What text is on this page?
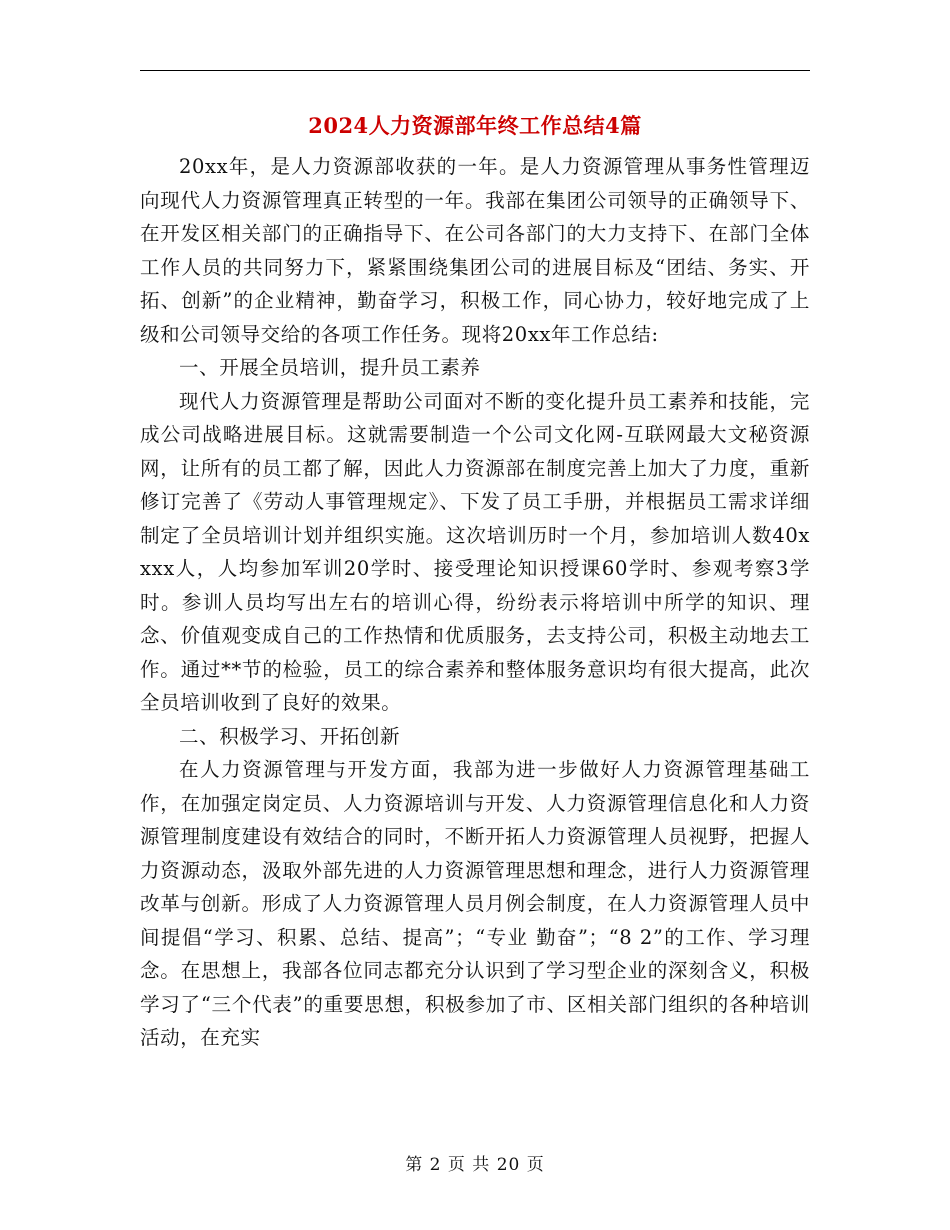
2024人力资源部年终工作总结4篇

20xx年，是人力资源部收获的一年。是人力资源管理从事务性管理迈向现代人力资源管理真正转型的一年。我部在集团公司领导的正确领导下、在开发区相关部门的正确指导下、在公司各部门的大力支持下、在部门全体工作人员的共同努力下，紧紧围绕集团公司的进展目标及“团结、务实、开拓、创新”的企业精神，勤奋学习，积极工作，同心协力，较好地完成了上级和公司领导交给的各项工作任务。现将20xx年工作总结:

一、开展全员培训，提升员工素养

现代人力资源管理是帮助公司面对不断的变化提升员工素养和技能，完成公司战略进展目标。这就需要制造一个公司文化网-互联网最大文秘资源网，让所有的员工都了解，因此人力资源部在制度完善上加大了力度，重新修订完善了《劳动人事管理规定》、下发了员工手册，并根据员工需求详细制定了全员培训计划并组织实施。这次培训历时一个月，参加培训人数40xxxx人，人均参加军训20学时、接受理论知识授课60学时、参观考察3学时。参训人员均写出左右的培训心得，纷纷表示将培训中所学的知识、理念、价值观变成自己的工作热情和优质服务，去支持公司，积极主动地去工作。通过**节的检验，员工的综合素养和整体服务意识均有很大提高，此次全员培训收到了良好的效果。

二、积极学习、开拓创新

在人力资源管理与开发方面，我部为进一步做好人力资源管理基础工作，在加强定岗定员、人力资源培训与开发、人力资源管理信息化和人力资源管理制度建设有效结合的同时，不断开拓人力资源管理人员视野，把握人力资源动态，汲取外部先进的人力资源管理思想和理念，进行人力资源管理改革与创新。形成了人力资源管理人员月例会制度，在人力资源管理人员中间提倡“学习、积累、总结、提高”；“专业 勤奋”；“8 2”的工作、学习理念。在思想上，我部各位同志都充分认识到了学习型企业的深刻含义，积极学习了“三个代表”的重要思想，积极参加了市、区相关部门组织的各种培训活动，在充实

第 2 页 共 20 页
